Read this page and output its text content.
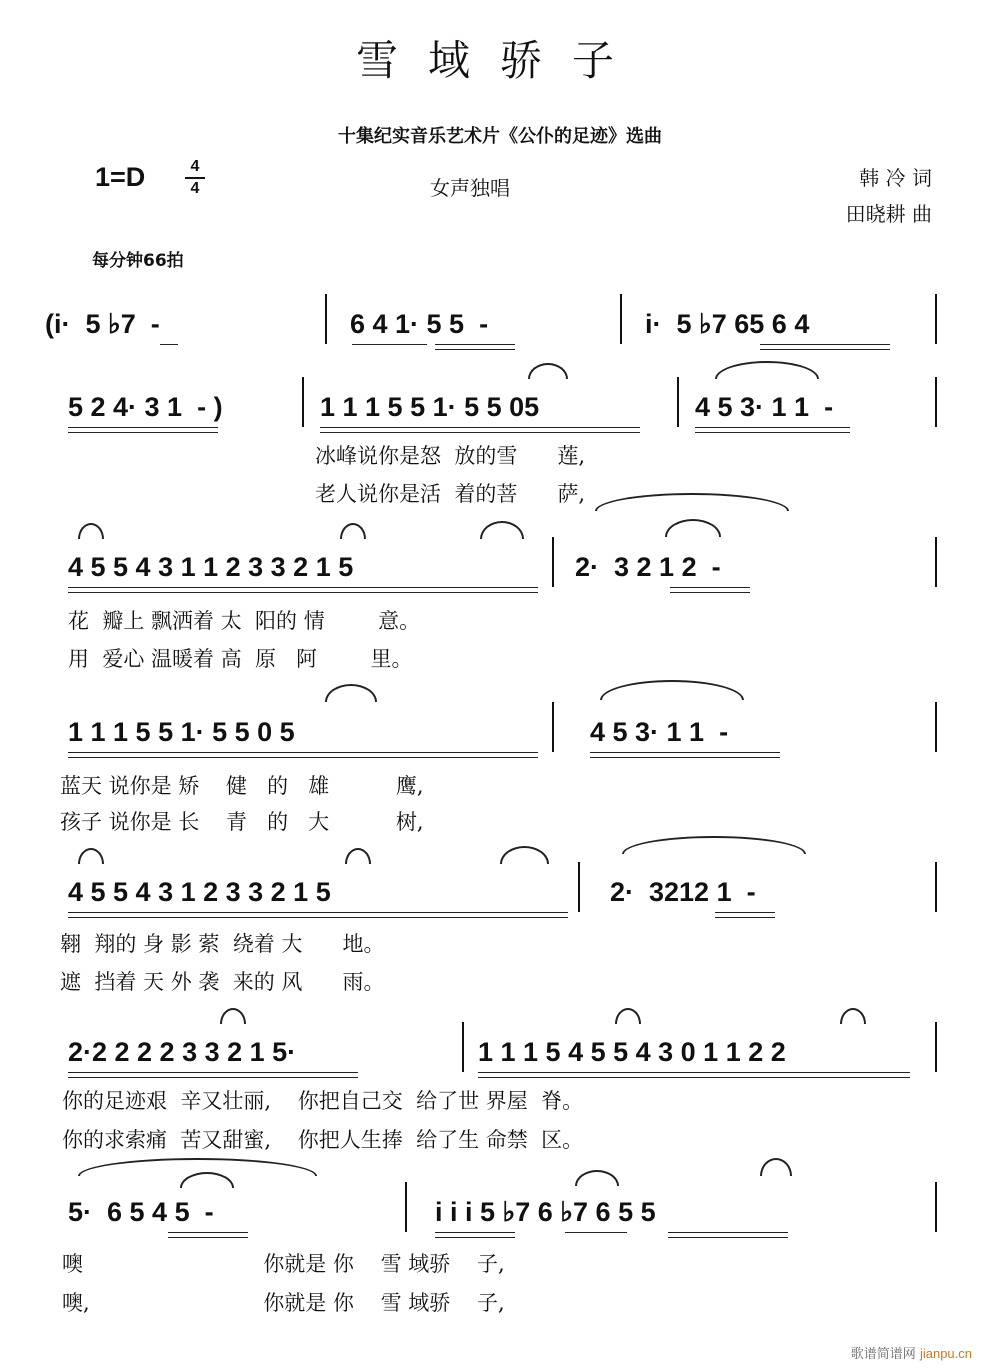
雪域骄子
十集纪实音乐艺术片《公仆的足迹》选曲
1=D	4
4	女声独唱	韩 冷 词
田晓耕 曲
每分钟66拍
(i·  5 ♭7  -	6 4 1· 5 5  -	i·  5 ♭7 65 6 4
5 2 4· 3 1  - )	1 1 1 5 5 1· 5 5 05	4 5 3· 1 1  -
冰峰说你是怒  放的雪      莲,
老人说你是活  着的菩      萨,
4 5 5 4 3 1 1 2 3 3 2 1 5	2·  3 2 1 2  -
花  瓣上 飘洒着 太  阳的 情        意。
用  爱心 温暖着 高  原   阿        里。
1 1 1 5 5 1· 5 5 0 5	4 5 3· 1 1  -
蓝天 说你是 矫    健   的   雄          鹰,
孩子 说你是 长    青   的   大          树,
4 5 5 4 3 1 2 3 3 2 1 5	2·  3212 1  -
翱  翔的 身 影 萦  绕着 大      地。
遮  挡着 天 外 袭  来的 风      雨。
2·2 2 2 2 3 3 2 1 5·	1 1 1 5 4 5 5 4 3 0 1 1 2 2
你的足迹艰  辛又壮丽,    你把自己交  给了世 界屋  脊。
你的求索痛  苦又甜蜜,    你把人生捧  给了生 命禁  区。
5·  6 5 4 5  -	i i i 5 ♭7 6 ♭7 6 5 5
噢                           你就是 你    雪 域骄    子,
噢,                          你就是 你    雪 域骄    子,
歌谱简谱网 jianpu.cn
